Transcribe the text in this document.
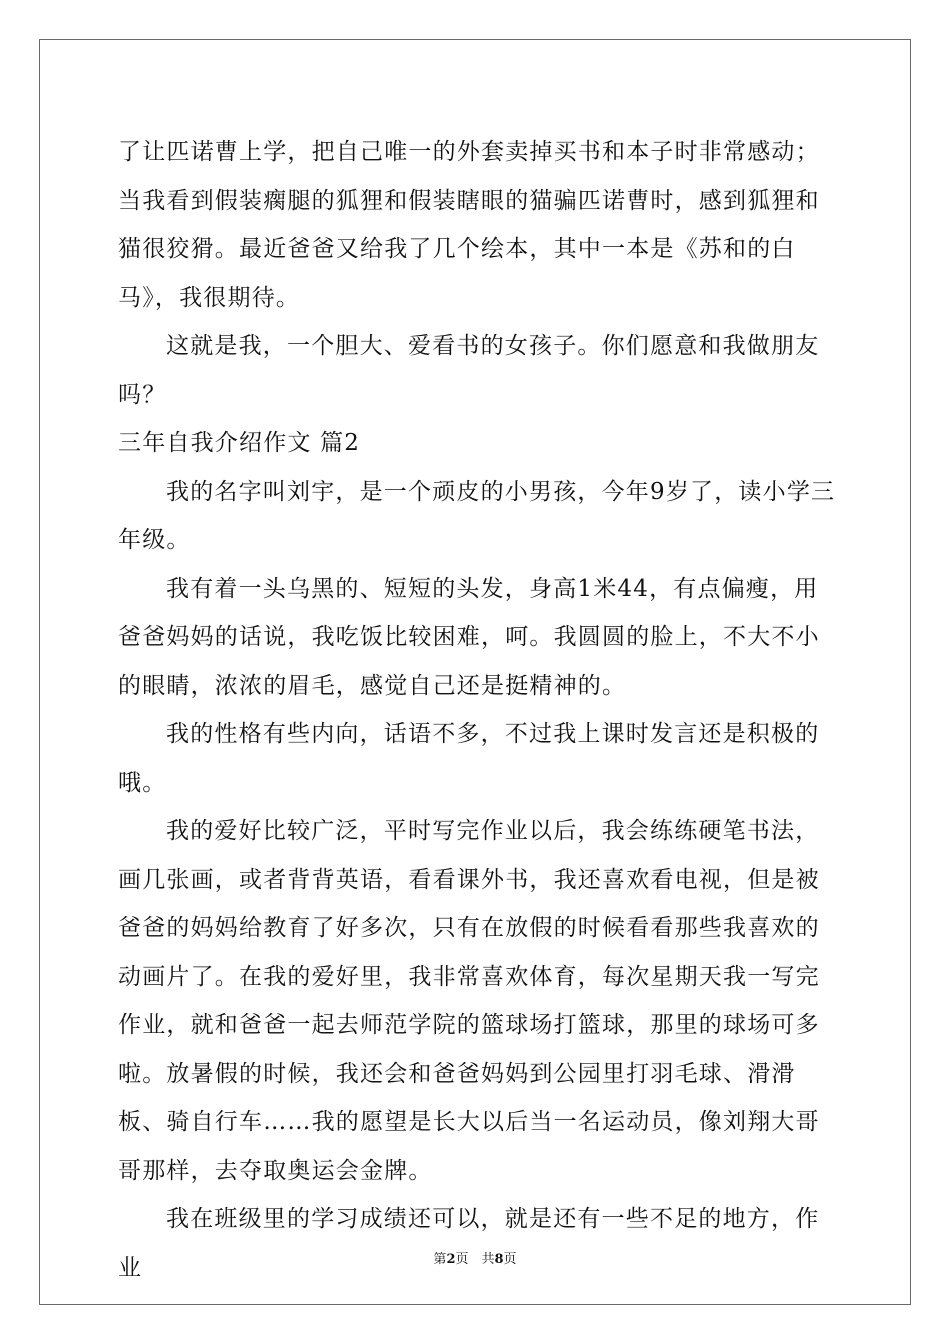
了让匹诺曹上学，把自己唯一的外套卖掉买书和本子时非常感动；当我看到假装瘸腿的狐狸和假装瞎眼的猫骗匹诺曹时，感到狐狸和猫很狡猾。最近爸爸又给我了几个绘本，其中一本是《苏和的白马》，我很期待。

这就是我，一个胆大、爱看书的女孩子。你们愿意和我做朋友吗？

三年自我介绍作文 篇2

我的名字叫刘宇，是一个顽皮的小男孩，今年9岁了，读小学三年级。

我有着一头乌黑的、短短的头发，身高1米44，有点偏瘦，用爸爸妈妈的话说，我吃饭比较困难，呵。我圆圆的脸上，不大不小的眼睛，浓浓的眉毛，感觉自己还是挺精神的。

我的性格有些内向，话语不多，不过我上课时发言还是积极的哦。

我的爱好比较广泛，平时写完作业以后，我会练练硬笔书法，画几张画，或者背背英语，看看课外书，我还喜欢看电视，但是被爸爸的妈妈给教育了好多次，只有在放假的时候看看那些我喜欢的动画片了。在我的爱好里，我非常喜欢体育，每次星期天我一写完作业，就和爸爸一起去师范学院的篮球场打篮球，那里的球场可多啦。放暑假的时候，我还会和爸爸妈妈到公园里打羽毛球、滑滑板、骑自行车……我的愿望是长大以后当一名运动员，像刘翔大哥哥那样，去夺取奥运会金牌。

我在班级里的学习成绩还可以，就是还有一些不足的地方，作业	第2页　共8页
